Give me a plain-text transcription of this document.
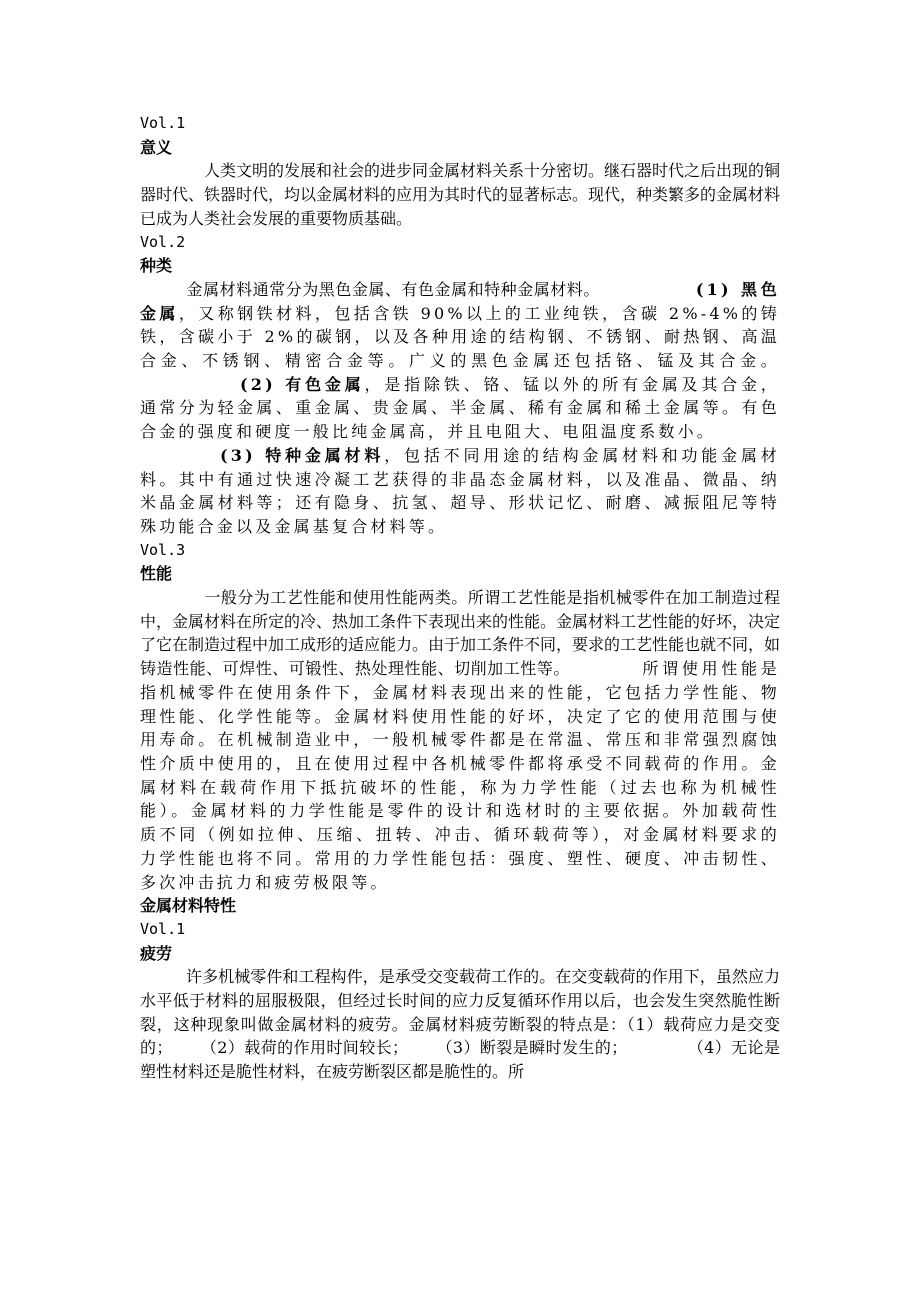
Vol.1
意义
人类文明的发展和社会的进步同金属材料关系十分密切。继石器时代之后出现的铜器时代、铁器时代，均以金属材料的应用为其时代的显著标志。现代，种类繁多的金属材料已成为人类社会发展的重要物质基础。
Vol.2
种类
金属材料通常分为黑色金属、有色金属和特种金属材料。	(1) 黑色金属，又称钢铁材料，包括含铁 90%以上的工业纯铁，含碳 2%-4%的铸铁，含碳小于 2%的碳钢，以及各种用途的结构钢、不锈钢、耐热钢、高温合金、不锈钢、精密合金等。广义的黑色金属还包括铬、锰及其合金。(2) 有色金属，是指除铁、铬、锰以外的所有金属及其合金，通常分为轻金属、重金属、贵金属、半金属、稀有金属和稀土金属等。有色合金的强度和硬度一般比纯金属高，并且电阻大、电阻温度系数小。
(3) 特种金属材料，包括不同用途的结构金属材料和功能金属材料。其中有通过快速冷凝工艺获得的非晶态金属材料，以及准晶、微晶、纳米晶金属材料等；还有隐身、抗氢、超导、形状记忆、耐磨、减振阻尼等特殊功能合金以及金属基复合材料等。
Vol.3
性能
一般分为工艺性能和使用性能两类。所谓工艺性能是指机械零件在加工制造过程中，金属材料在所定的冷、热加工条件下表现出来的性能。金属材料工艺性能的好坏，决定了它在制造过程中加工成形的适应能力。由于加工条件不同，要求的工艺性能也就不同，如铸造性能、可焊性、可锻性、热处理性能、切削加工性等。	所谓使用性能是指机械零件在使用条件下，金属材料表现出来的性能，它包括力学性能、物理性能、化学性能等。金属材料使用性能的好坏，决定了它的使用范围与使用寿命。在机械制造业中，一般机械零件都是在常温、常压和非常强烈腐蚀性介质中使用的，且在使用过程中各机械零件都将承受不同载荷的作用。金属材料在载荷作用下抵抗破坏的性能，称为力学性能（过去也称为机械性能）。金属材料的力学性能是零件的设计和选材时的主要依据。外加载荷性质不同（例如拉伸、压缩、扭转、冲击、循环载荷等），对金属材料要求的力学性能也将不同。常用的力学性能包括：强度、塑性、硬度、冲击韧性、多次冲击抗力和疲劳极限等。
金属材料特性
Vol.1
疲劳
许多机械零件和工程构件，是承受交变载荷工作的。在交变载荷的作用下，虽然应力水平低于材料的屈服极限，但经过长时间的应力反复循环作用以后，也会发生突然脆性断裂，这种现象叫做金属材料的疲劳。金属材料疲劳断裂的特点是：（1）载荷应力是交变的； （2）载荷的作用时间较长； （3）断裂是瞬时发生的；	（4）无论是塑性材料还是脆性材料，在疲劳断裂区都是脆性的。所
